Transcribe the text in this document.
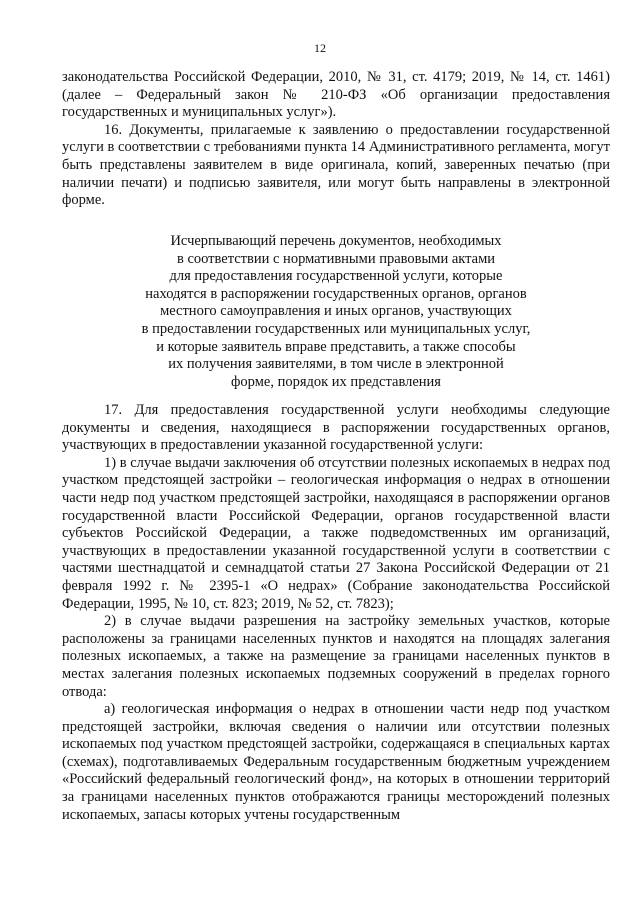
12

законодательства Российской Федерации, 2010, № 31, ст. 4179; 2019, № 14, ст. 1461) (далее – Федеральный закон № 210-ФЗ «Об организации предоставления государственных и муниципальных услуг»).

16. Документы, прилагаемые к заявлению о предоставлении государственной услуги в соответствии с требованиями пункта 14 Административного регламента, могут быть представлены заявителем в виде оригинала, копий, заверенных печатью (при наличии печати) и подписью заявителя, или могут быть направлены в электронной форме.

Исчерпывающий перечень документов, необходимых
в соответствии с нормативными правовыми актами
для предоставления государственной услуги, которые
находятся в распоряжении государственных органов, органов
местного самоуправления и иных органов, участвующих
в предоставлении государственных или муниципальных услуг,
и которые заявитель вправе представить, а также способы
их получения заявителями, в том числе в электронной
форме, порядок их представления

17. Для предоставления государственной услуги необходимы следующие документы и сведения, находящиеся в распоряжении государственных органов, участвующих в предоставлении указанной государственной услуги:

1) в случае выдачи заключения об отсутствии полезных ископаемых в недрах под участком предстоящей застройки – геологическая информация о недрах в отношении части недр под участком предстоящей застройки, находящаяся в распоряжении органов государственной власти Российской Федерации, органов государственной власти субъектов Российской Федерации, а также подведомственных им организаций, участвующих в предоставлении указанной государственной услуги в соответствии с частями шестнадцатой и семнадцатой статьи 27 Закона Российской Федерации от 21 февраля 1992 г. № 2395-1 «О недрах» (Собрание законодательства Российской Федерации, 1995, № 10, ст. 823; 2019, № 52, ст. 7823);

2) в случае выдачи разрешения на застройку земельных участков, которые расположены за границами населенных пунктов и находятся на площадях залегания полезных ископаемых, а также на размещение за границами населенных пунктов в местах залегания полезных ископаемых подземных сооружений в пределах горного отвода:

а) геологическая информация о недрах в отношении части недр под участком предстоящей застройки, включая сведения о наличии или отсутствии полезных ископаемых под участком предстоящей застройки, содержащаяся в специальных картах (схемах), подготавливаемых Федеральным государственным бюджетным учреждением «Российский федеральный геологический фонд», на которых в отношении территорий за границами населенных пунктов отображаются границы месторождений полезных ископаемых, запасы которых учтены государственным
